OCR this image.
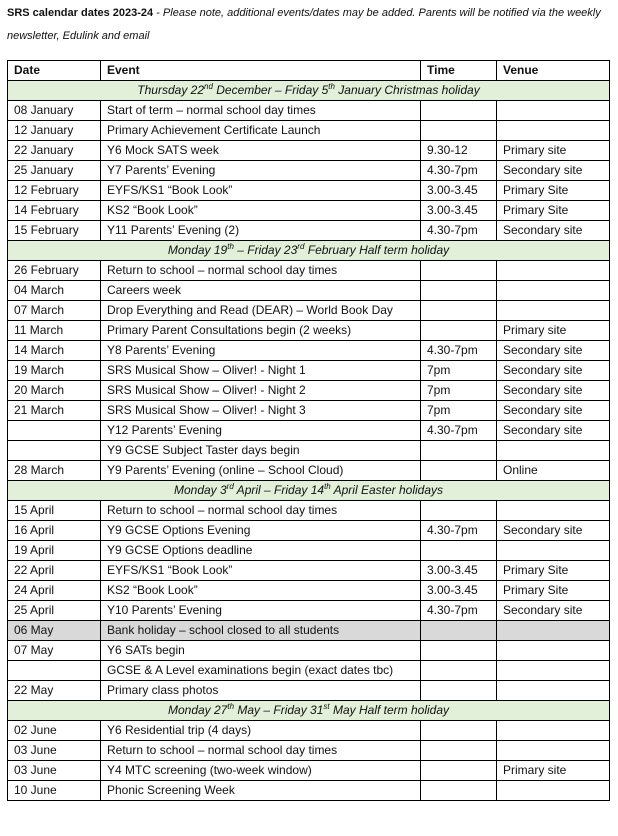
SRS calendar dates 2023-24 - Please note, additional events/dates may be added. Parents will be notified via the weekly newsletter, Edulink and email
Date	Event	Time	Venue
Thursday 22nd December – Friday 5th January Christmas holiday			
08 January	Start of term – normal school day times		
12 January	Primary Achievement Certificate Launch		
22 January	Y6 Mock SATS week	9.30-12	Primary site
25 January	Y7 Parents’ Evening	4.30-7pm	Secondary site
12 February	EYFS/KS1 “Book Look”	3.00-3.45	Primary Site
14 February	KS2 “Book Look”	3.00-3.45	Primary Site
15 February	Y11 Parents’ Evening (2)	4.30-7pm	Secondary site
Monday 19th – Friday 23rd February Half term holiday			
26 February	Return to school – normal school day times		
04 March	Careers week		
07 March	Drop Everything and Read (DEAR) – World Book Day		
11 March	Primary Parent Consultations begin (2 weeks)		Primary site
14 March	Y8 Parents’ Evening	4.30-7pm	Secondary site
19 March	SRS Musical Show – Oliver! - Night 1	7pm	Secondary site
20 March	SRS Musical Show – Oliver! - Night 2	7pm	Secondary site
21 March	SRS Musical Show – Oliver! - Night 3	7pm	Secondary site
	Y12 Parents’ Evening	4.30-7pm	Secondary site
	Y9 GCSE Subject Taster days begin		
28 March	Y9 Parents’ Evening (online – School Cloud)		Online
Monday 3rd April – Friday 14th April Easter holidays			
15 April	Return to school – normal school day times		
16 April	Y9 GCSE Options Evening	4.30-7pm	Secondary site
19 April	Y9 GCSE Options deadline		
22 April	EYFS/KS1 “Book Look”	3.00-3.45	Primary Site
24 April	KS2 “Book Look”	3.00-3.45	Primary Site
25 April	Y10 Parents’ Evening	4.30-7pm	Secondary site
06 May	Bank holiday – school closed to all students		
07 May	Y6 SATs begin		
	GCSE & A Level examinations begin (exact dates tbc)		
22 May	Primary class photos		
Monday 27th May – Friday 31st May Half term holiday			
02 June	Y6 Residential trip (4 days)		
03 June	Return to school – normal school day times		
03 June	Y4 MTC screening (two-week window)		Primary site
10 June	Phonic Screening Week		
